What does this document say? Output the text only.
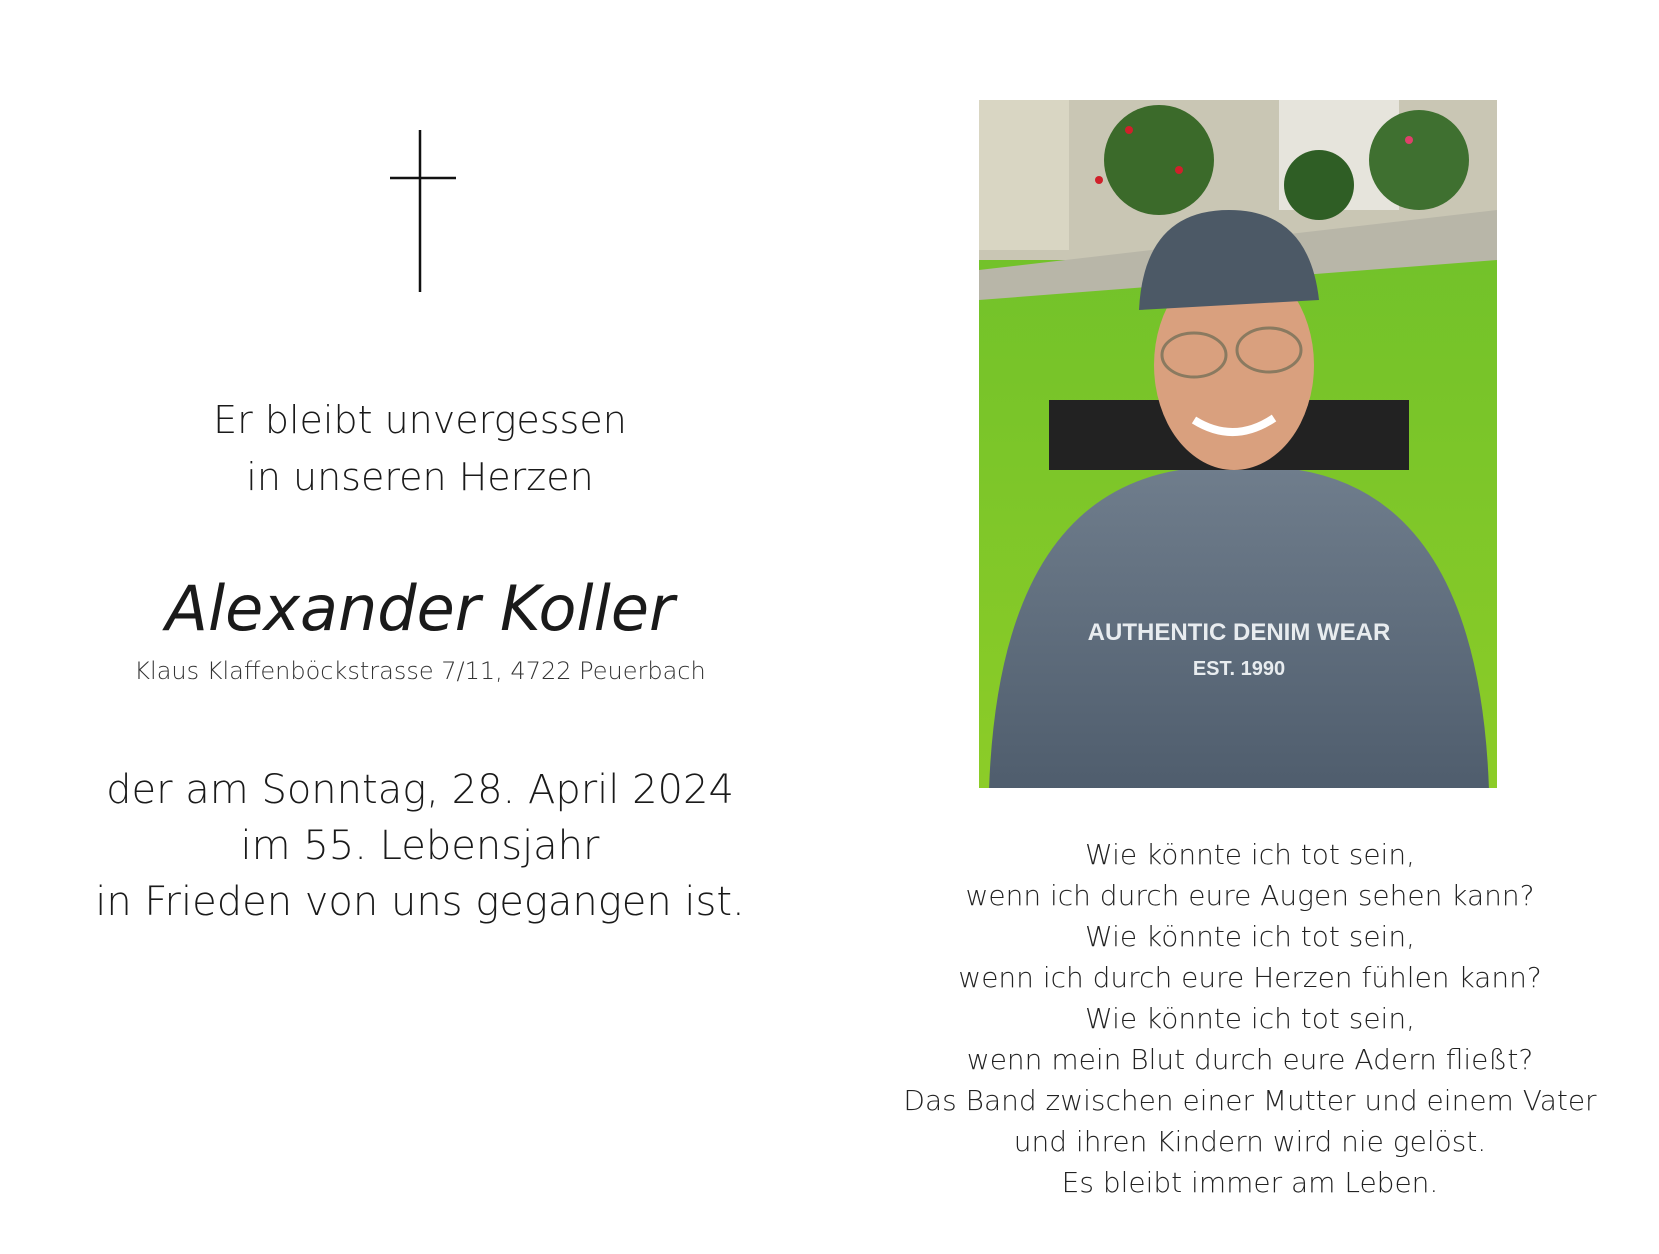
Er bleibt unvergessen
in unseren Herzen
Alexander Koller
Klaus Klaffenböckstrasse 7/11, 4722 Peuerbach
der am Sonntag, 28. April 2024
im 55. Lebensjahr
in Frieden von uns gegangen ist.
AUTHENTIC DENIM WEAR
EST. 1990
Wie könnte ich tot sein,
wenn ich durch eure Augen sehen kann?
Wie könnte ich tot sein,
wenn ich durch eure Herzen fühlen kann?
Wie könnte ich tot sein,
wenn mein Blut durch eure Adern fließt?
Das Band zwischen einer Mutter und einem Vater
und ihren Kindern wird nie gelöst.
Es bleibt immer am Leben.
